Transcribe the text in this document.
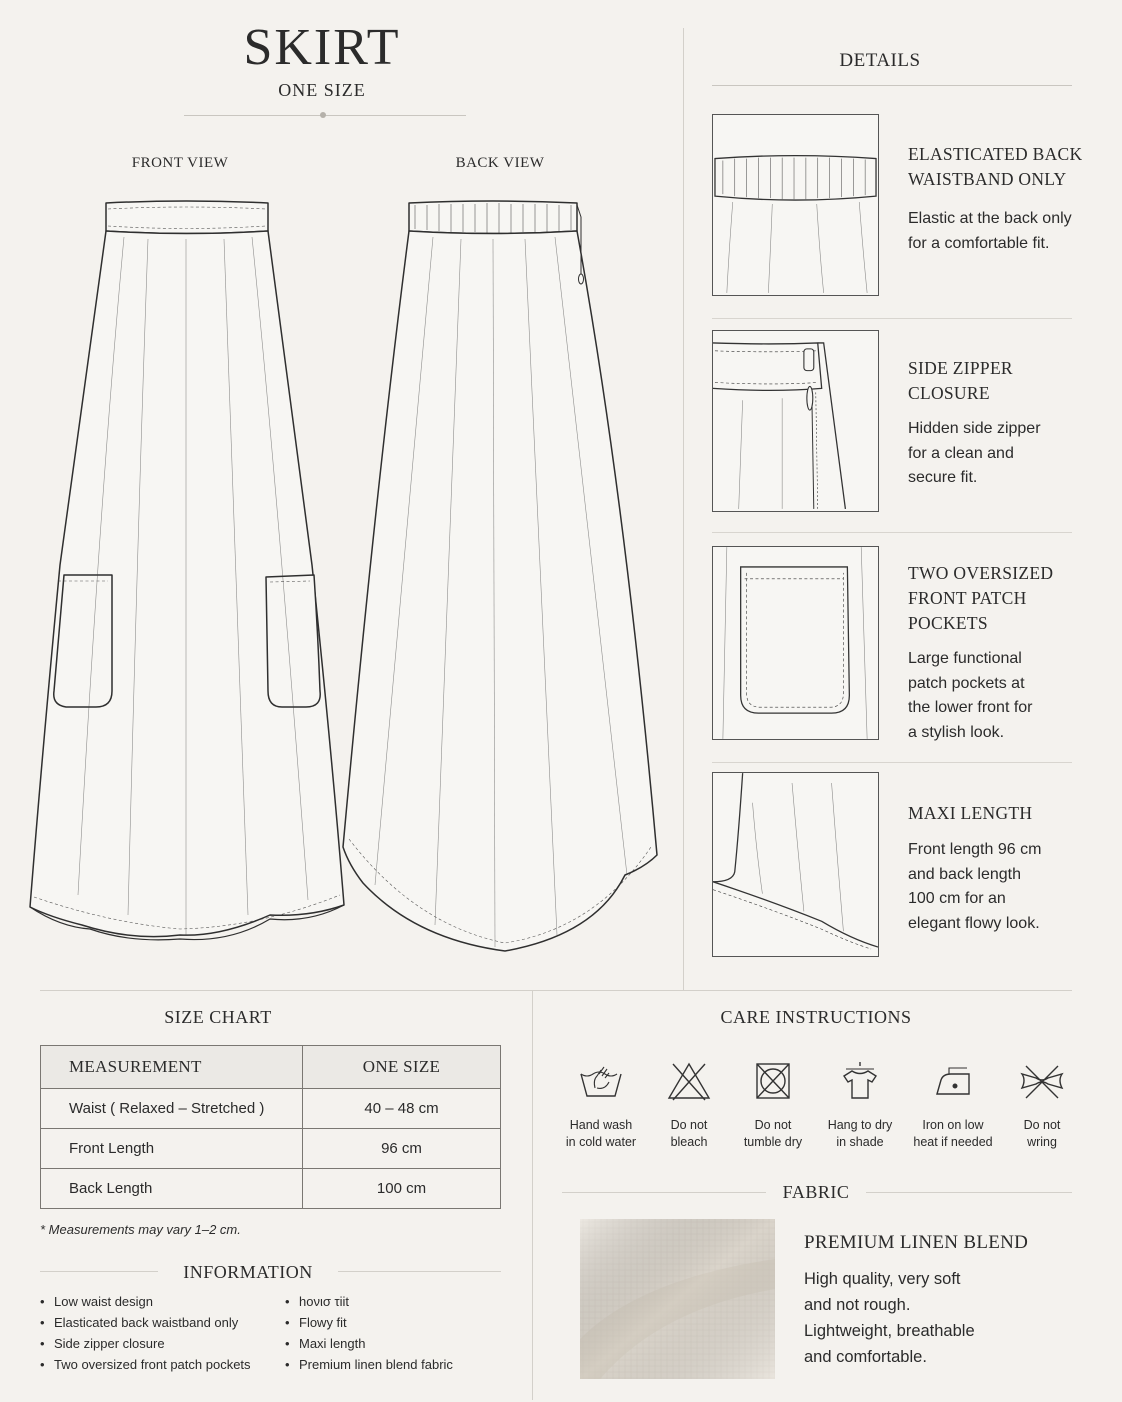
SKIRT
ONE SIZE
FRONT VIEW	BACK VIEW
DETAILS
ELASTICATED BACK
WAISTBAND ONLY
Elastic at the back only
for a comfortable fit.
SIDE ZIPPER
CLOSURE
Hidden side zipper
for a clean and
secure fit.
TWO OVERSIZED
FRONT PATCH
POCKETS
Large functional
patch pockets at
the lower front for
a stylish look.
MAXI LENGTH
Front length 96 cm
and back length
100 cm for an
elegant flowy look.
SIZE CHART
MEASUREMENT	ONE SIZE
Waist ( Relaxed – Stretched )	40 – 48 cm
Front Length	96 cm
Back Length	100 cm
* Measurements may vary 1–2 cm.
INFORMATION
• Low waist design
• Elasticated back waistband only
• Side zipper closure
• Two oversized front patch pockets
• hoνισ τiit
• Flowy fit
• Maxi length
• Premium linen blend fabric
CARE INSTRUCTIONS
Hand wash
in cold water
Do not
bleach
Do not
tumble dry
Hang to dry
in shade
Iron on low
heat if needed
Do not
wring
FABRIC
PREMIUM LINEN BLEND
High quality, very soft
and not rough.
Lightweight, breathable
and comfortable.
